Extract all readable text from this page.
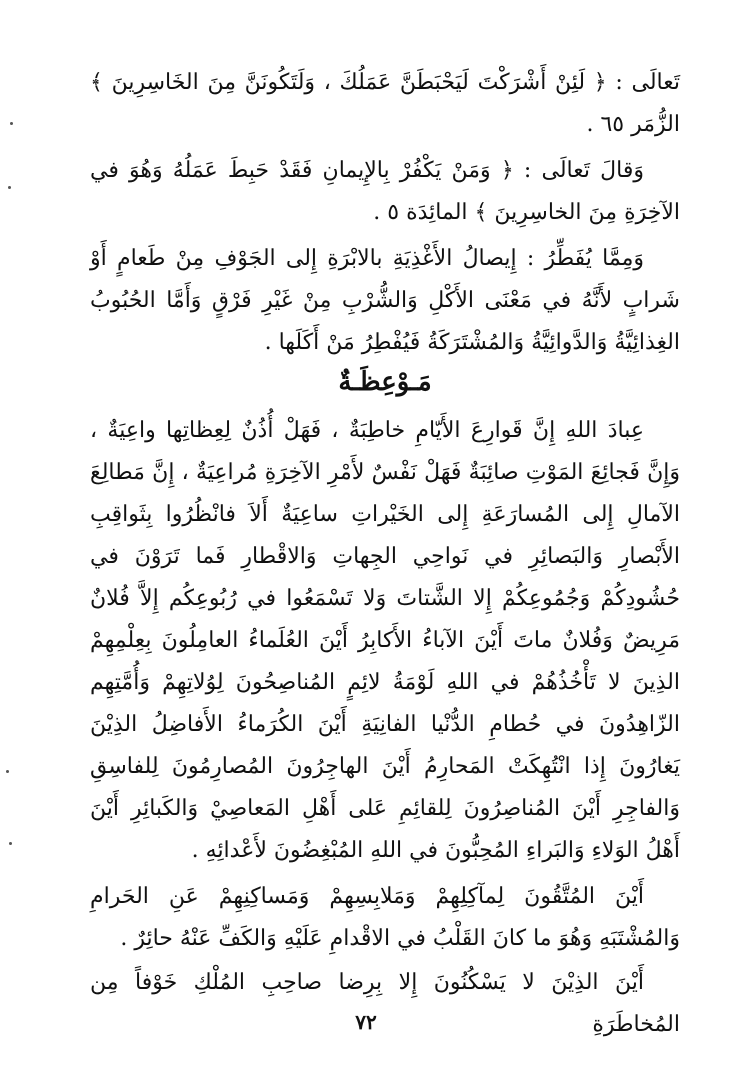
تَعالَى : ﴿ لَئِنْ أَشْرَكْتَ لَيَحْبَطَنَّ عَمَلُكَ ، وَلَتَكُونَنَّ مِنَ الخَاسِرِينَ ﴾ الزُّمَر ٦٥ .

وَقالَ تَعالَى : ﴿ وَمَنْ يَكْفُرْ بِالإِيمانِ فَقَدْ حَبِطَ عَمَلُهُ وَهُوَ في الآخِرَةِ مِنَ الخاسِرِينَ ﴾ المائِدَة ٥ .

وَمِمَّا يُفَطِّرُ : إِيصالُ الأَغْذِيَةِ بالابْرَةِ إِلى الجَوْفِ مِنْ طَعامٍ أَوْ شَرابٍ لأَنَّهُ في مَعْنَى الأَكْلِ وَالشُّرْبِ مِنْ غَيْرِ فَرْقٍ وَأَمَّا الحُبُوبُ الغِذائِيَّةُ وَالدَّوائِيَّةُ وَالمُشْتَرَكَةُ فَيُفْطِرُ مَنْ أَكَلَها .

مَـوْعِظَـةٌ

عِبادَ اللهِ إِنَّ قَوارِعَ الأَيّامِ خاطِبَةٌ ، فَهَلْ أُذُنٌ لِعِظاتِها واعِيَةٌ ، وَإِنَّ فَجائِعَ المَوْتِ صائِبَةٌ فَهَلْ نَفْسٌ لأَمْرِ الآخِرَةِ مُراعِيَةٌ ، إِنَّ مَطالِعَ الآمالِ إِلى المُسارَعَةِ إِلى الخَيْراتِ ساعِيَةٌ أَلاَ فانْظُرُوا بِثَواقِبِ الأَبْصارِ وَالبَصائِرِ في نَواحِي الجِهاتِ وَالاقْطارِ فَما تَرَوْنَ في حُشُودِكُمْ وَجُمُوعِكُمْ إِلا الشَّتاتَ وَلا تَسْمَعُوا في رُبُوعِكُم إِلاَّ فُلانٌ مَرِيضٌ وَفُلانٌ ماتَ أَيْنَ الآباءُ الأَكابِرُ أَيْنَ العُلَماءُ العامِلُونَ بِعِلْمِهِمْ الذِينَ لا تَأْخُذُهُمْ في اللهِ لَوْمَةُ لائِمٍ المُناصِحُونَ لِوُلاتِهِمْ وَأُمَّتِهِم الزّاهِدُونَ في حُطامِ الدُّنْيا الفانِيَةِ أَيْنَ الكُرَماءُ الأَفاضِلُ الذِيْنَ يَغارُونَ إِذا انْتُهِكَتْ المَحارِمُ أَيْنَ الهاجِرُونَ المُصارِمُونَ لِلفاسِقِ وَالفاجِرِ أَيْنَ المُناصِرُونَ لِلقائِمِ عَلى أَهْلِ المَعاصِيْ وَالكَبائِرِ أَيْنَ أَهْلُ الوَلاءِ وَالبَراءِ المُحِبُّونَ في اللهِ المُبْغِضُونَ لأَعْدائِهِ .

أَيْنَ المُتَّقُونَ لِمآكِلِهِمْ وَمَلابِسِهِمْ وَمَساكِنِهِمْ عَنِ الحَرامِ وَالمُشْتَبَهِ وَهُوَ ما كانَ القَلْبُ في الاقْدامِ عَلَيْهِ وَالكَفِّ عَنْهُ حائِرٌ .

أَيْنَ الذِيْنَ لا يَسْكُنُونَ إِلا بِرِضا صاحِبِ المُلْكِ خَوْفاً مِن المُخاطَرَةِ

٧٢
